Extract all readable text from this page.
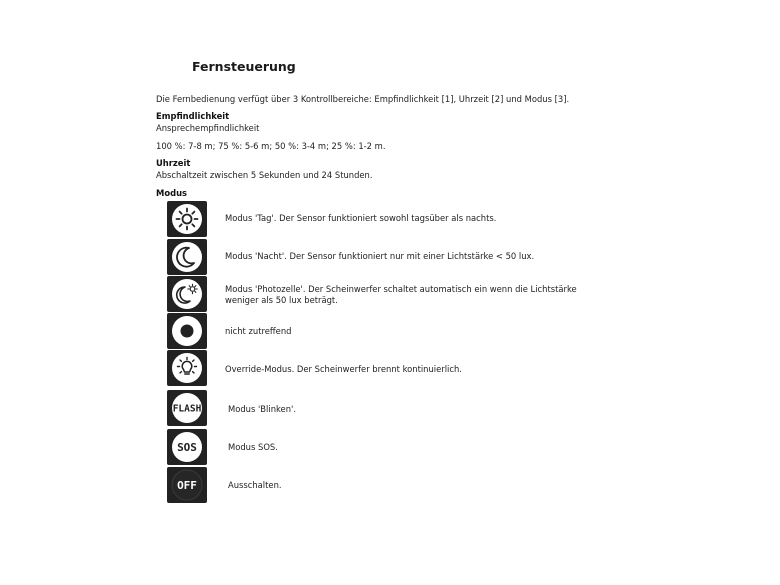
Fernsteuerung
Die Fernbedienung verfügt über 3 Kontrollbereiche: Empfindlichkeit [1], Uhrzeit [2] und Modus [3].
Empfindlichkeit
Ansprechempfindlichkeit
100 %: 7-8 m; 75 %: 5-6 m; 50 %: 3-4 m; 25 %: 1-2 m.
Uhrzeit
Abschaltzeit zwischen 5 Sekunden und 24 Stunden.
Modus
Modus 'Tag'. Der Sensor funktioniert sowohl tagsüber als nachts.
Modus 'Nacht'. Der Sensor funktioniert nur mit einer Lichtstärke < 50 lux.
Modus 'Photozelle'. Der Scheinwerfer schaltet automatisch ein wenn die Lichtstärke
weniger als 50 lux beträgt.
nicht zutreffend
Override-Modus. Der Scheinwerfer brennt kontinuierlich.
FLASH	Modus 'Blinken'.
SOS	Modus SOS.
OFF	Ausschalten.
